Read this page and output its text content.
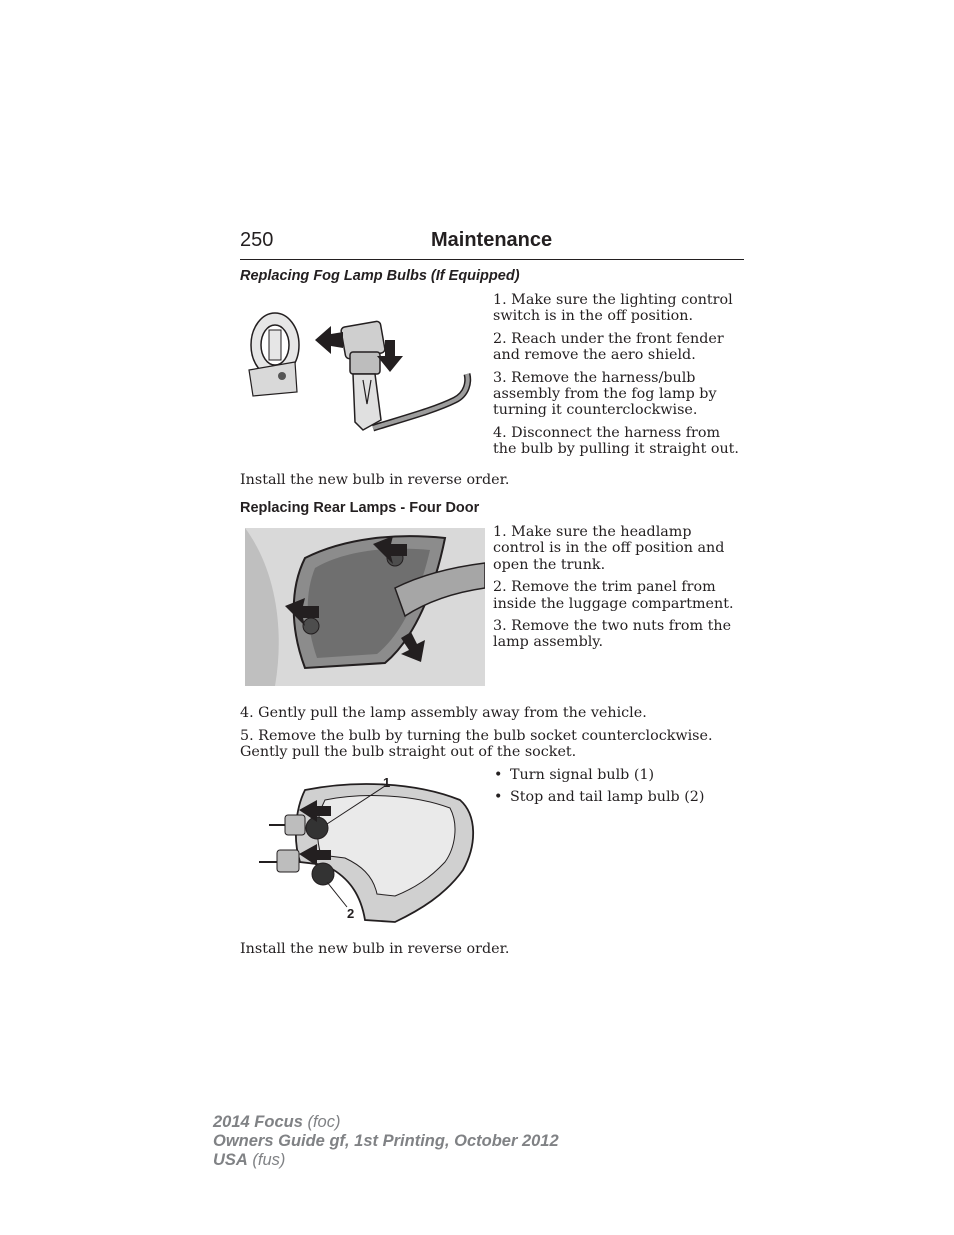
250	Maintenance
Replacing Fog Lamp Bulbs (If Equipped)

1. Make sure the lighting control switch is in the off position.

2. Reach under the front fender and remove the aero shield.

3. Remove the harness/bulb assembly from the fog lamp by turning it counterclockwise.

4. Disconnect the harness from the bulb by pulling it straight out.

Install the new bulb in reverse order.

Replacing Rear Lamps - Four Door

1. Make sure the headlamp control is in the off position and open the trunk.

2. Remove the trim panel from inside the luggage compartment.

3. Remove the two nuts from the lamp assembly.

4. Gently pull the lamp assembly away from the vehicle.

5. Remove the bulb by turning the bulb socket counterclockwise. Gently pull the bulb straight out of the socket.

1
2
• Turn signal bulb (1)
• Stop and tail lamp bulb (2)

Install the new bulb in reverse order.

2014 Focus (foc)
Owners Guide gf, 1st Printing, October 2012
USA (fus)
